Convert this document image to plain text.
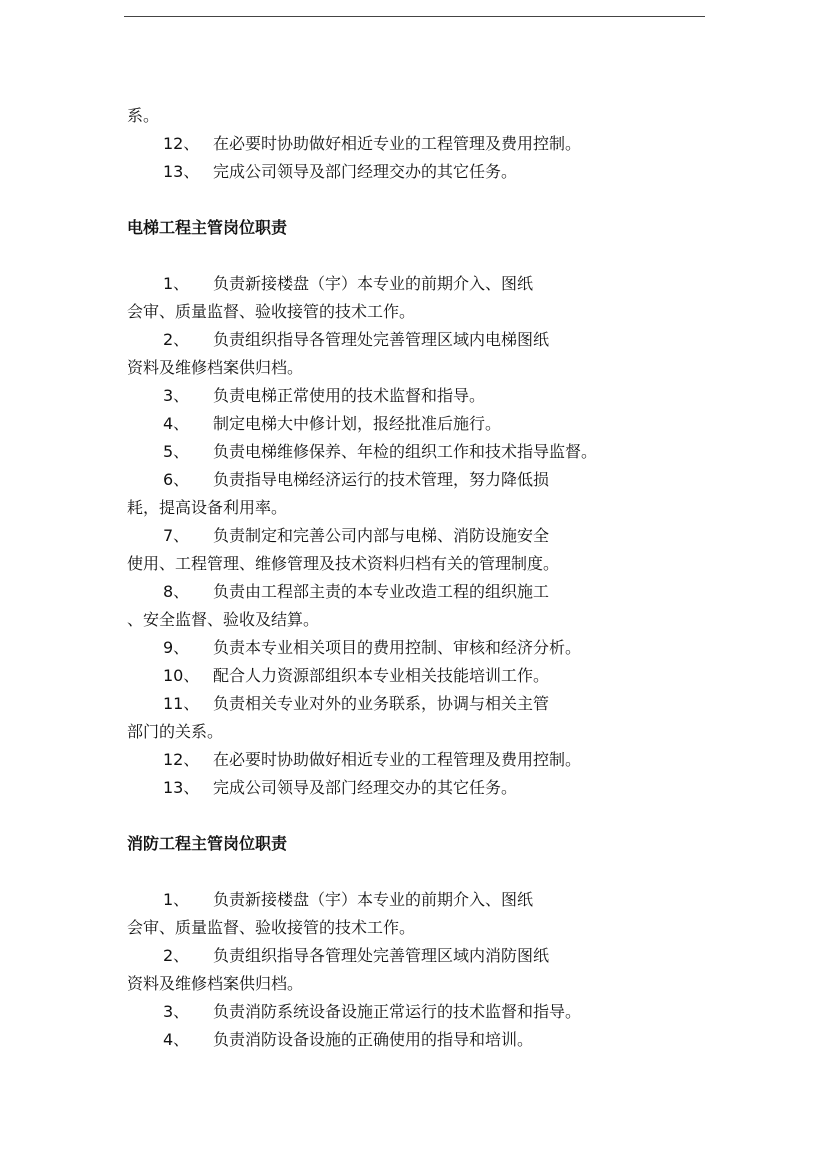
系。
12、 在必要时协助做好相近专业的工程管理及费用控制。
13、 完成公司领导及部门经理交办的其它任务。
电梯工程主管岗位职责
1、	负责新接楼盘（宇）本专业的前期介入、图纸
会审、质量监督、验收接管的技术工作。
2、	负责组织指导各管理处完善管理区域内电梯图纸
资料及维修档案供归档。
3、	负责电梯正常使用的技术监督和指导。
4、	制定电梯大中修计划，报经批准后施行。
5、	负责电梯维修保养、年检的组织工作和技术指导监督。
6、	负责指导电梯经济运行的技术管理，努力降低损
耗，提高设备利用率。
7、	负责制定和完善公司内部与电梯、消防设施安全
使用、工程管理、维修管理及技术资料归档有关的管理制度。
8、	负责由工程部主责的本专业改造工程的组织施工
、安全监督、验收及结算。
9、	负责本专业相关项目的费用控制、审核和经济分析。
10、 配合人力资源部组织本专业相关技能培训工作。
11、 负责相关专业对外的业务联系，协调与相关主管
部门的关系。
12、 在必要时协助做好相近专业的工程管理及费用控制。
13、 完成公司领导及部门经理交办的其它任务。
消防工程主管岗位职责
1、	负责新接楼盘（宇）本专业的前期介入、图纸
会审、质量监督、验收接管的技术工作。
2、	负责组织指导各管理处完善管理区域内消防图纸
资料及维修档案供归档。
3、	负责消防系统设备设施正常运行的技术监督和指导。
4、	负责消防设备设施的正确使用的指导和培训。
